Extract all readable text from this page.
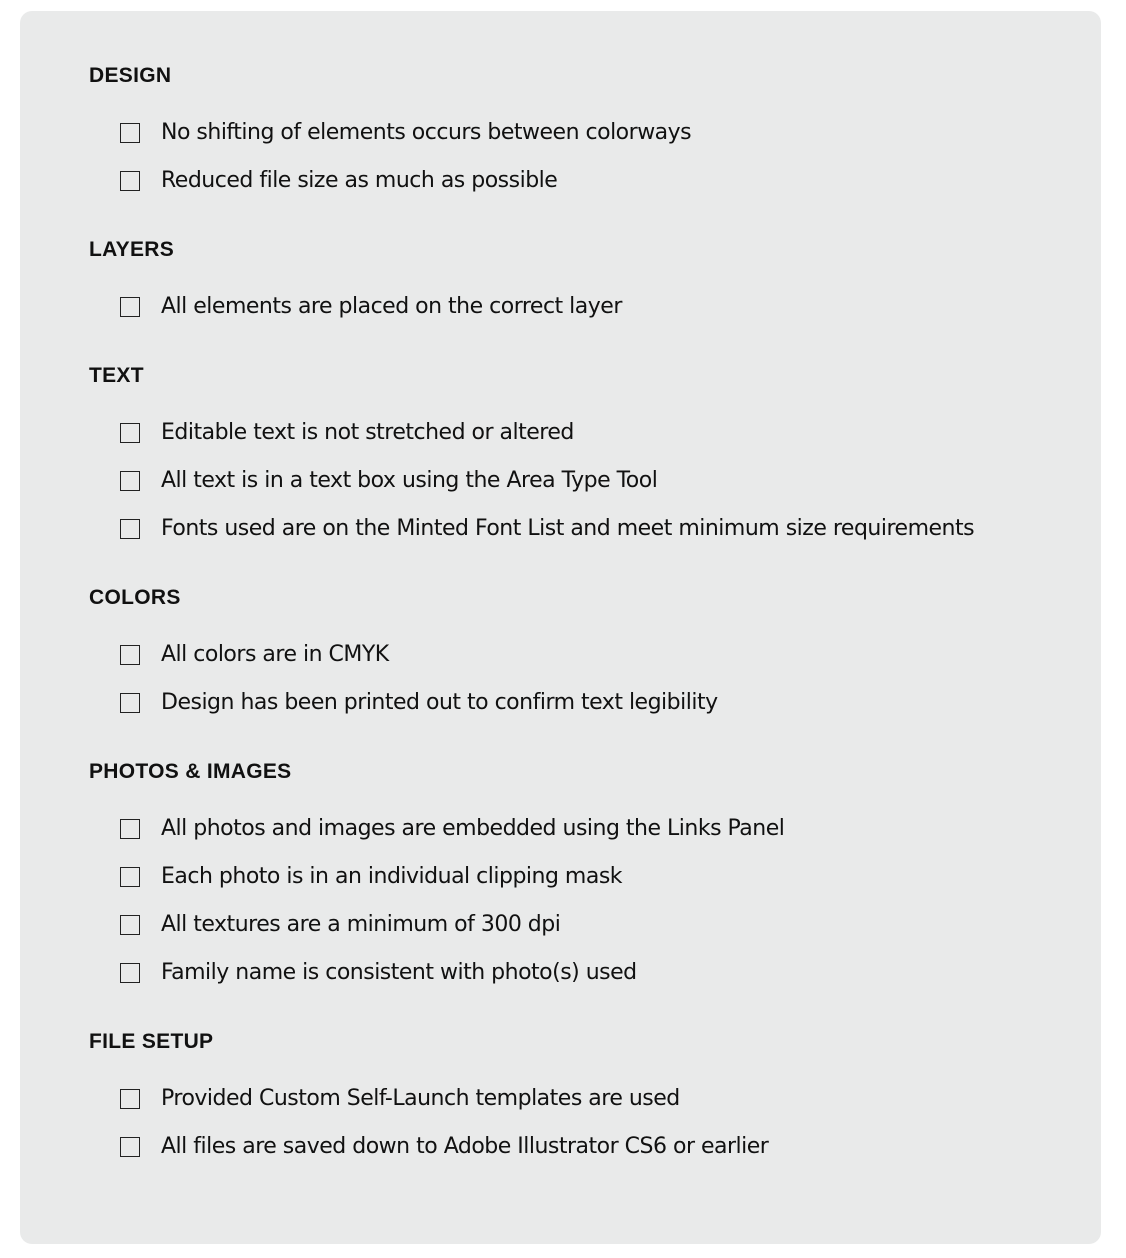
DESIGN
No shifting of elements occurs between colorways
Reduced file size as much as possible
LAYERS
All elements are placed on the correct layer
TEXT
Editable text is not stretched or altered
All text is in a text box using the Area Type Tool
Fonts used are on the Minted Font List and meet minimum size requirements
COLORS
All colors are in CMYK
Design has been printed out to confirm text legibility
PHOTOS & IMAGES
All photos and images are embedded using the Links Panel
Each photo is in an individual clipping mask
All textures are a minimum of 300 dpi
Family name is consistent with photo(s) used
FILE SETUP
Provided Custom Self-Launch templates are used
All files are saved down to Adobe Illustrator CS6 or earlier
